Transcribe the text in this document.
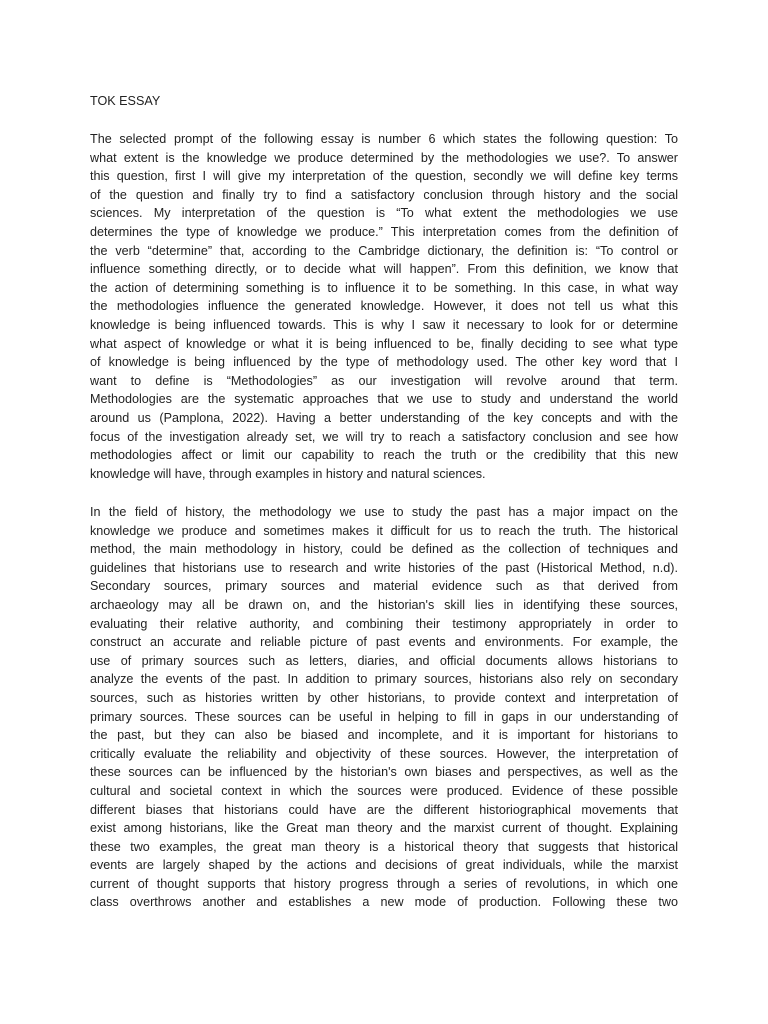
TOK ESSAY
The selected prompt of the following essay is number 6 which states the following question: To
what extent is the knowledge we produce determined by the methodologies we use?. To answer
this question, first I will give my interpretation of the question, secondly we will define key terms
of the question and finally try to find a satisfactory conclusion through history and the social
sciences. My interpretation of the question is “To what extent the methodologies we use
determines the type of knowledge we produce.” This interpretation comes from the definition of
the verb “determine” that, according to the Cambridge dictionary, the definition is: “To control or
influence something directly, or to decide what will happen”. From this definition, we know that
the action of determining something is to influence it to be something. In this case, in what way
the methodologies influence the generated knowledge. However, it does not tell us what this
knowledge is being influenced towards. This is why I saw it necessary to look for or determine
what aspect of knowledge or what it is being influenced to be, finally deciding to see what type
of knowledge is being influenced by the type of methodology used. The other key word that I
want to define is “Methodologies” as our investigation will revolve around that term.
Methodologies are the systematic approaches that we use to study and understand the world
around us (Pamplona, 2022). Having a better understanding of the key concepts and with the
focus of the investigation already set, we will try to reach a satisfactory conclusion and see how
methodologies affect or limit our capability to reach the truth or the credibility that this new
knowledge will have, through examples in history and natural sciences.
In the field of history, the methodology we use to study the past has a major impact on the
knowledge we produce and sometimes makes it difficult for us to reach the truth. The historical
method, the main methodology in history, could be defined as the collection of techniques and
guidelines that historians use to research and write histories of the past (Historical Method, n.d).
Secondary sources, primary sources and material evidence such as that derived from
archaeology may all be drawn on, and the historian's skill lies in identifying these sources,
evaluating their relative authority, and combining their testimony appropriately in order to
construct an accurate and reliable picture of past events and environments. For example, the
use of primary sources such as letters, diaries, and official documents allows historians to
analyze the events of the past. In addition to primary sources, historians also rely on secondary
sources, such as histories written by other historians, to provide context and interpretation of
primary sources. These sources can be useful in helping to fill in gaps in our understanding of
the past, but they can also be biased and incomplete, and it is important for historians to
critically evaluate the reliability and objectivity of these sources. However, the interpretation of
these sources can be influenced by the historian's own biases and perspectives, as well as the
cultural and societal context in which the sources were produced. Evidence of these possible
different biases that historians could have are the different historiographical movements that
exist among historians, like the Great man theory and the marxist current of thought. Explaining
these two examples, the great man theory is a historical theory that suggests that historical
events are largely shaped by the actions and decisions of great individuals, while the marxist
current of thought supports that history progress through a series of revolutions, in which one
class overthrows another and establishes a new mode of production. Following these two
